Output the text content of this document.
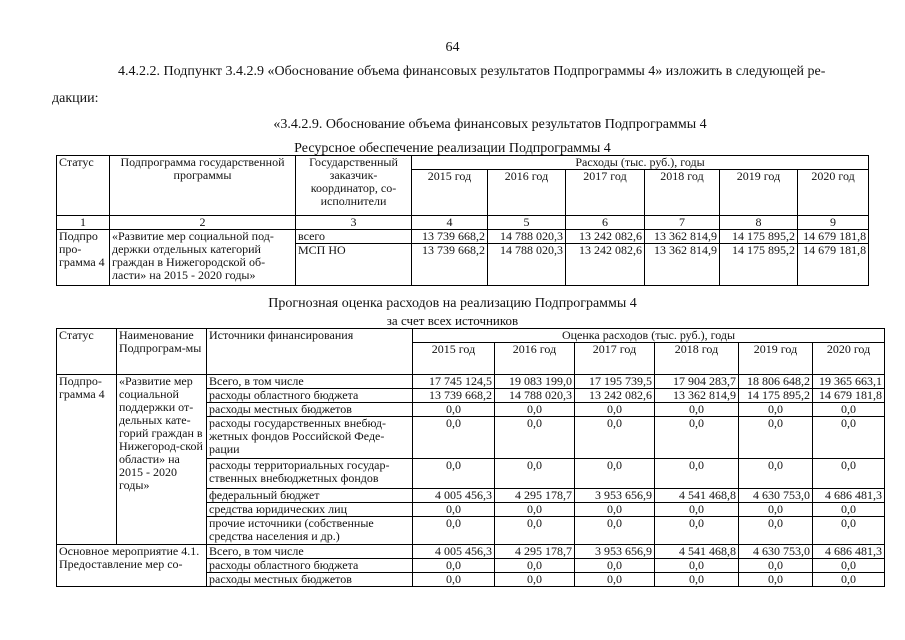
64
4.4.2.2. Подпункт 3.4.2.9 «Обоснование объема финансовых результатов Подпрограммы 4» изложить в следующей ре-
дакции:
«3.4.2.9. Обоснование объема финансовых результатов Подпрограммы 4
Ресурсное обеспечение реализации Подпрограммы 4
Статус	Подпрограмма государственной программы	Государственный заказчик-координатор, со-исполнители	Расходы (тыс. руб.), годы					
			2015 год	2016 год	2017 год	2018 год	2019 год	2020 год
1	2	3	4	5	6	7	8	9
Подпро про-грамма 4	«Развитие мер социальной под-держки отдельных категорий граждан в Нижегородской об-ласти» на 2015 - 2020 годы»	всего	13 739 668,2	14 788 020,3	13 242 082,6	13 362 814,9	14 175 895,2	14 679 181,8
		МСП НО	13 739 668,2	14 788 020,3	13 242 082,6	13 362 814,9	14 175 895,2	14 679 181,8
Прогнозная оценка расходов на реализацию Подпрограммы 4
за счет всех источников
Статус	Наименование Подпрограм-мы	Источники финансирования	Оценка расходов (тыс. руб.), годы					
			2015 год	2016 год	2017 год	2018 год	2019 год	2020 год
Подпро-грамма 4	«Развитие мер социальной поддержки от-дельных кате-горий граждан в Нижегород-ской области» на 2015 - 2020 годы»	Всего, в том числе	17 745 124,5	19 083 199,0	17 195 739,5	17 904 283,7	18 806 648,2	19 365 663,1
		расходы областного бюджета	13 739 668,2	14 788 020,3	13 242 082,6	13 362 814,9	14 175 895,2	14 679 181,8
		расходы местных бюджетов	0,0	0,0	0,0	0,0	0,0	0,0
		расходы государственных внебюд-жетных фондов Российской Феде-рации	0,0	0,0	0,0	0,0	0,0	0,0
		расходы территориальных государ-ственных внебюджетных фондов	0,0	0,0	0,0	0,0	0,0	0,0
		федеральный бюджет	4 005 456,3	4 295 178,7	3 953 656,9	4 541 468,8	4 630 753,0	4 686 481,3
		средства юридических лиц	0,0	0,0	0,0	0,0	0,0	0,0
		прочие источники (собственные средства населения и др.)	0,0	0,0	0,0	0,0	0,0	0,0

Основное мероприятие 4.1.
Предоставление мер со-		Всего, в том числе	4 005 456,3	4 295 178,7	3 953 656,9	4 541 468,8	4 630 753,0	4 686 481,3
		расходы областного бюджета	0,0	0,0	0,0	0,0	0,0	0,0
		расходы местных бюджетов	0,0	0,0	0,0	0,0	0,0	0,0
